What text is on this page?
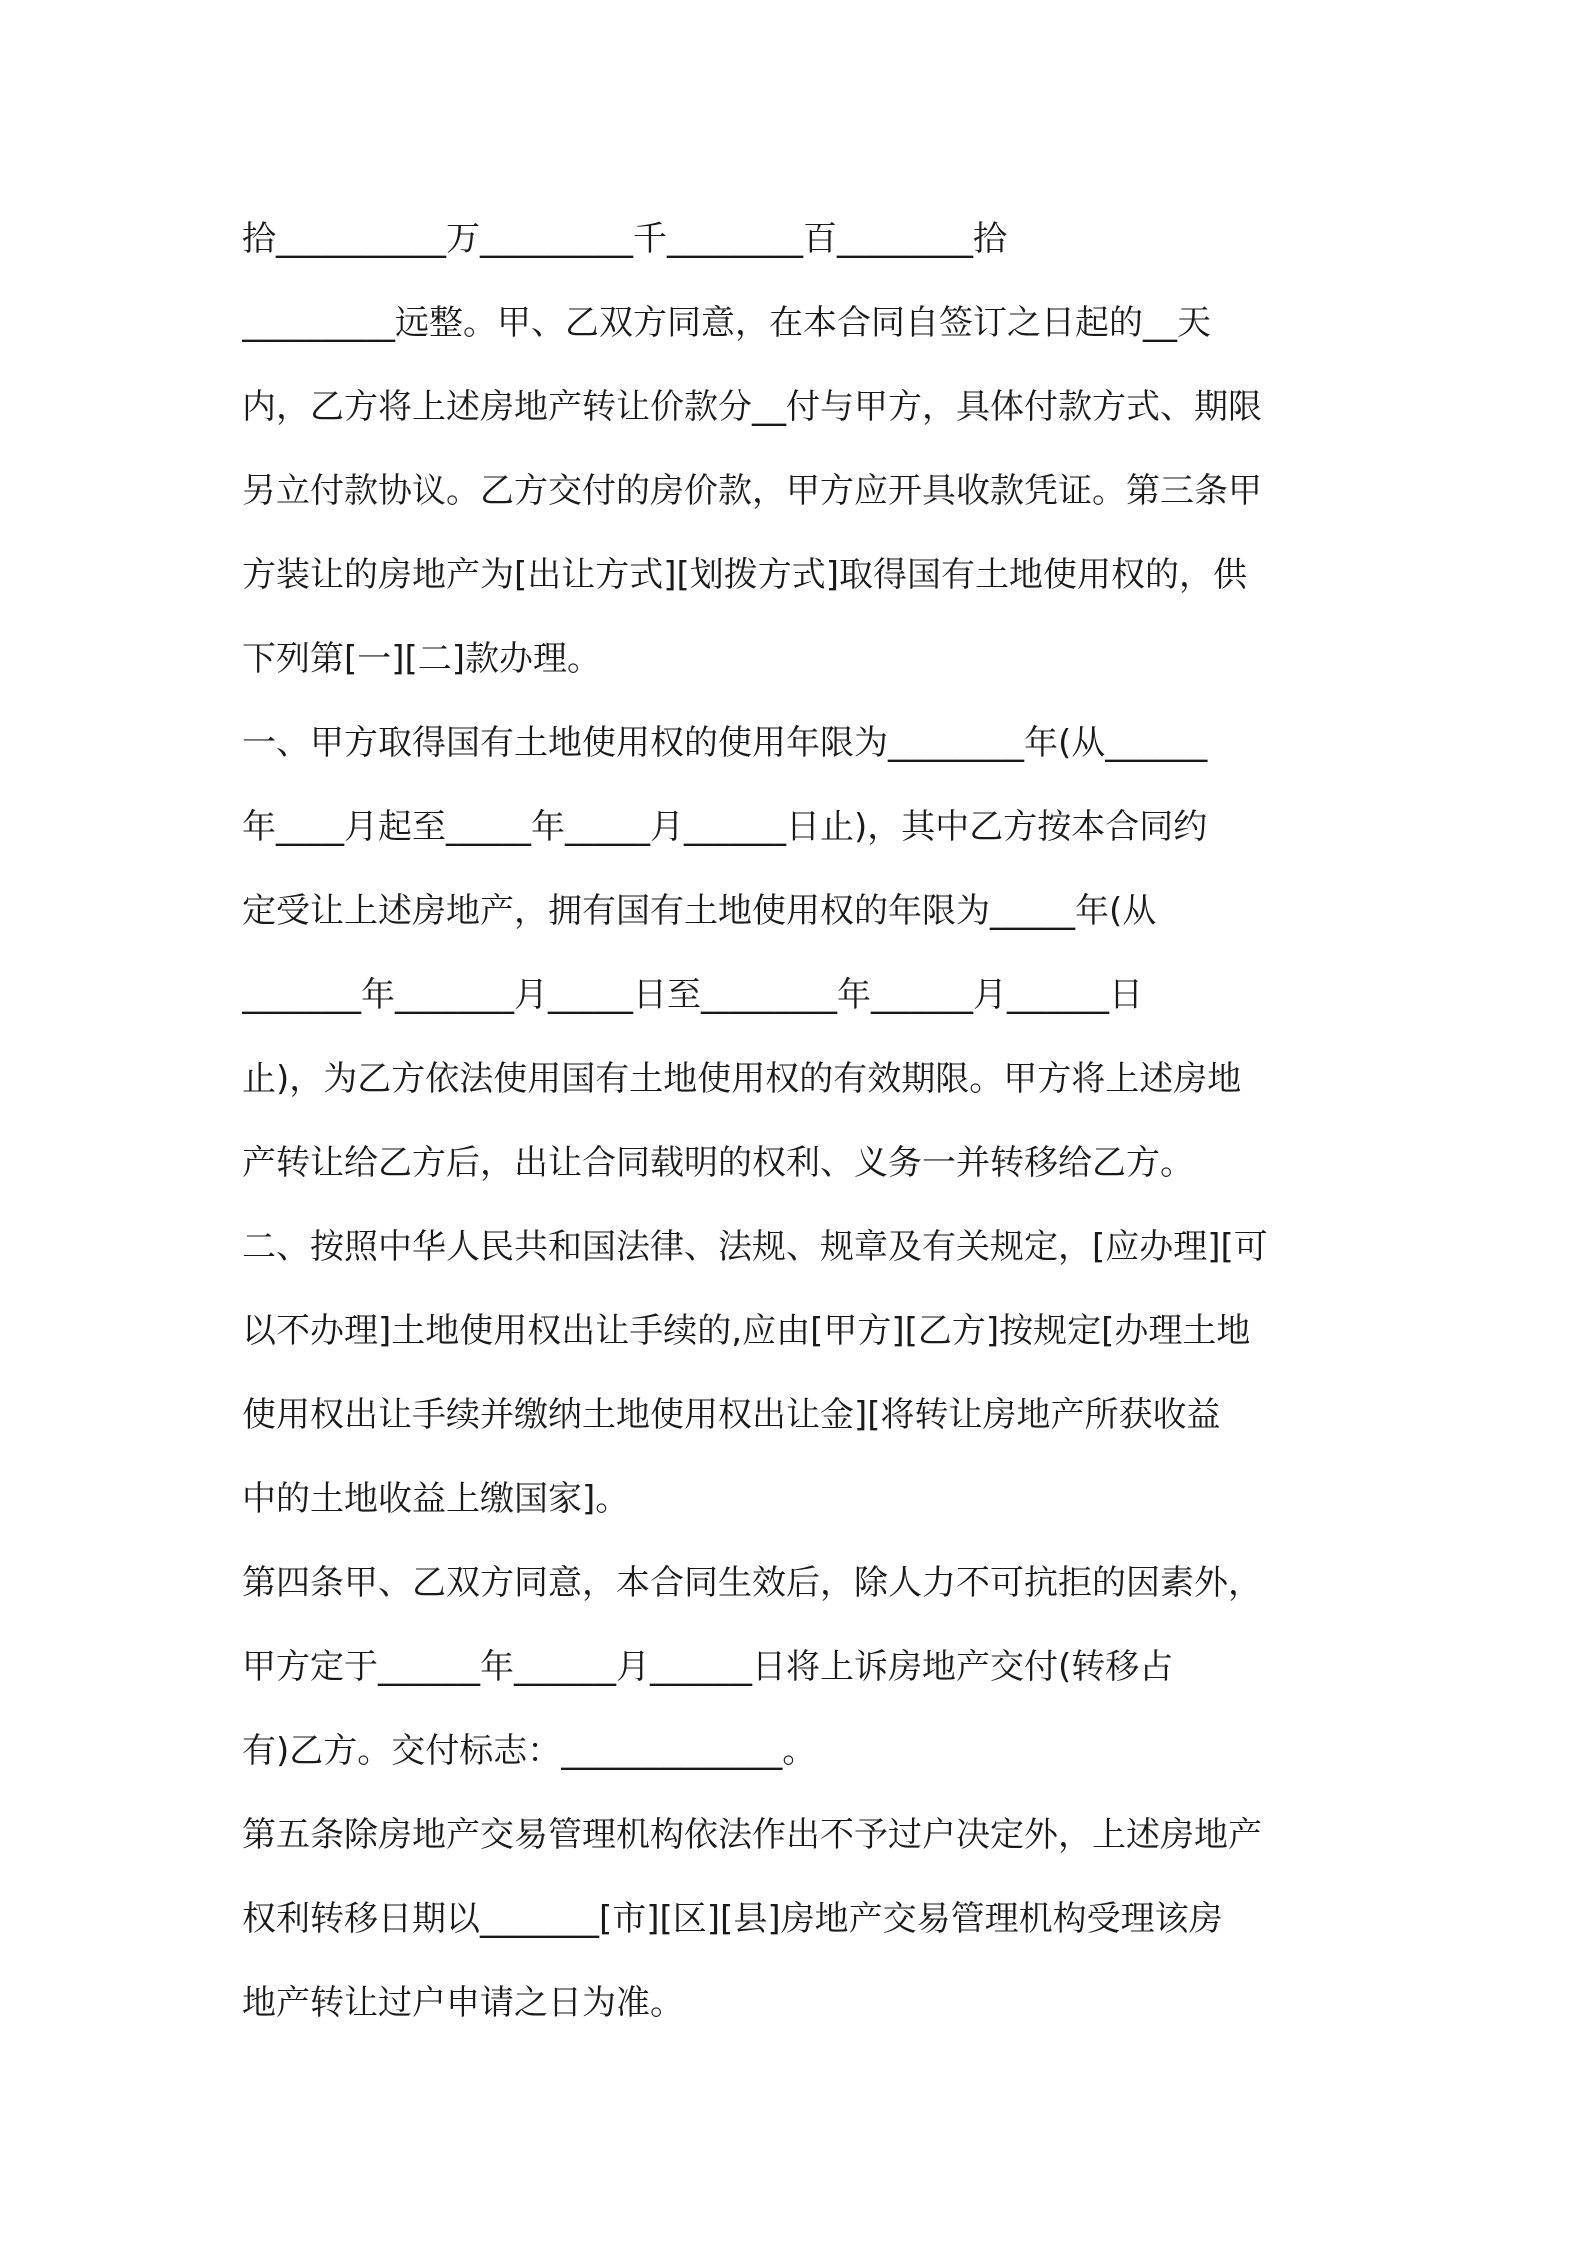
拾__________万_________千________百________拾
_________远整。甲、乙双方同意，在本合同自签订之日起的__天
内，乙方将上述房地产转让价款分__付与甲方，具体付款方式、期限
另立付款协议。乙方交付的房价款，甲方应开具收款凭证。第三条甲
方装让的房地产为[出让方式][划拨方式]取得国有土地使用权的，供
下列第[一][二]款办理。
一、甲方取得国有土地使用权的使用年限为________年(从______
年____月起至_____年_____月______日止)，其中乙方按本合同约
定受让上述房地产，拥有国有土地使用权的年限为_____年(从
_______年_______月_____日至________年______月______日
止)，为乙方依法使用国有土地使用权的有效期限。甲方将上述房地
产转让给乙方后，出让合同载明的权利、义务一并转移给乙方。
二、按照中华人民共和国法律、法规、规章及有关规定，[应办理][可
以不办理]土地使用权出让手续的,应由[甲方][乙方]按规定[办理土地
使用权出让手续并缴纳土地使用权出让金][将转让房地产所获收益
中的土地收益上缴国家]。
第四条甲、乙双方同意，本合同生效后，除人力不可抗拒的因素外，
甲方定于______年______月______日将上诉房地产交付(转移占
有)乙方。交付标志：_____________。
第五条除房地产交易管理机构依法作出不予过户决定外，上述房地产
权利转移日期以_______[市][区][县]房地产交易管理机构受理该房
地产转让过户申请之日为准。
